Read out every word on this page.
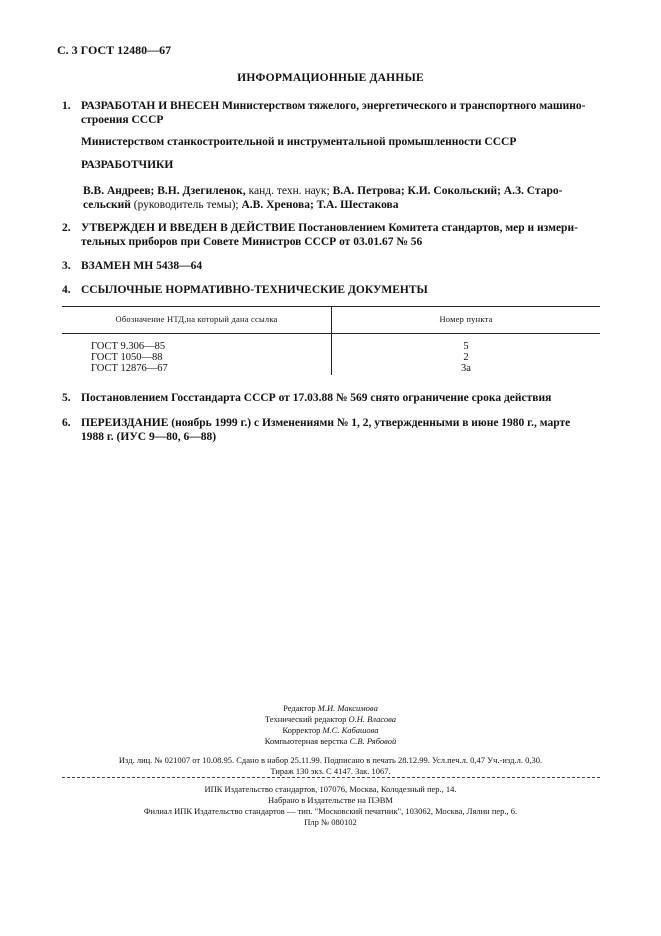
С. 3 ГОСТ 12480—67
ИНФОРМАЦИОННЫЕ ДАННЫЕ
1. РАЗРАБОТАН И ВНЕСЕН Министерством тяжелого, энергетического и транспортного машино-
строения СССР
Министерством станкостроительной и инструментальной промышленности СССР
РАЗРАБОТЧИКИ
В.В. Андреев; В.Н. Дзегиленок, канд. техн. наук; В.А. Петрова; К.И. Сокольский; А.З. Старо-
сельский (руководитель темы); А.В. Хренова; Т.А. Шестакова
2. УТВЕРЖДЕН И ВВЕДЕН В ДЕЙСТВИЕ Постановлением Комитета стандартов, мер и измери-
тельных приборов при Совете Министров СССР от 03.01.67 № 56
3. ВЗАМЕН МН 5438—64
4. ССЫЛОЧНЫЕ НОРМАТИВНО-ТЕХНИЧЕСКИЕ ДОКУМЕНТЫ
Обозначение НТД,на который дана ссылка	Номер пункта
ГОСТ 9.306—85
ГОСТ 1050—88
ГОСТ 12876—67
5
2
3а
5. Постановлением Госстандарта СССР от 17.03.88 № 569 снято ограничение срока действия
6. ПЕРЕИЗДАНИЕ (ноябрь 1999 г.) с Изменениями № 1, 2, утвержденными в июне 1980 г., марте
1988 г. (ИУС 9—80, 6—88)
Редактор М.И. Максимова
Технический редактор О.Н. Власова
Корректор М.С. Кабашова
Компьютерная верстка С.В. Рябовой
Изд. лиц. № 021007 от 10.08.95. Сдано в набор 25.11.99. Подписано в печать 28.12.99. Усл.печ.л. 0,47 Уч.-изд.л. 0,30.
Тираж 130 экз. С 4147. Зак. 1067.
ИПК Издательство стандартов, 107076, Москва, Колодезный пер., 14.
Набрано в Издательстве на ПЭВМ
Филиал ИПК Издательство стандартов — тип. "Московский печатник", 103062, Москва, Лялин пер., 6.
Плр № 080102
